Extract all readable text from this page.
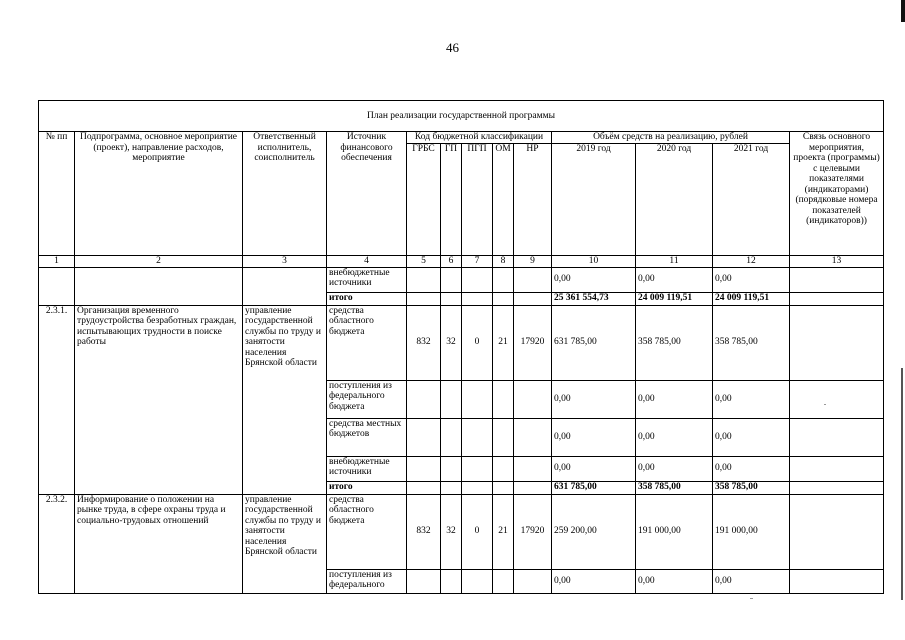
46
План реализации государственной программы												
№ пп	Подпрограмма, основное мероприятие (проект), направление расходов, мероприятие	Ответственный исполнитель, соисполнитель	Источник финансового обеспечения	Код бюджетной классификации					Объём средств на реализацию, рублей			Связь основного мероприятия, проекта (программы) с целевыми показателями (индикаторами) (порядковые номера показателей (индикаторов))
				ГРБС	ГП	ПГП	ОМ	НР	2019 год	2020 год	2021 год	
1	2	3	4	5	6	7	8	9	10	11	12	13
			внебюджетные источники						0,00	0,00	0,00	
			итого						25 361 554,73	24 009 119,51	24 009 119,51	
2.3.1.	Организация временного трудоустройства безработных граждан, испытывающих трудности в поиске работы	управление государственной службы по труду и занятости населения Брянской области	средства областного бюджета	832	32	0	21	17920	631 785,00	358 785,00	358 785,00	
			поступления из федерального бюджета						0,00	0,00	0,00	
			средства местных бюджетов						0,00	0,00	0,00	
			внебюджетные источники						0,00	0,00	0,00	
			итого						631 785,00	358 785,00	358 785,00	
2.3.2.	Информирование о положении на рынке труда, в сфере охраны труда и социально-трудовых отношений	управление государственной службы по труду и занятости населения Брянской области	средства областного бюджета	832	32	0	21	17920	259 200,00	191 000,00	191 000,00	
			поступления из федерального						0,00	0,00	0,00	
